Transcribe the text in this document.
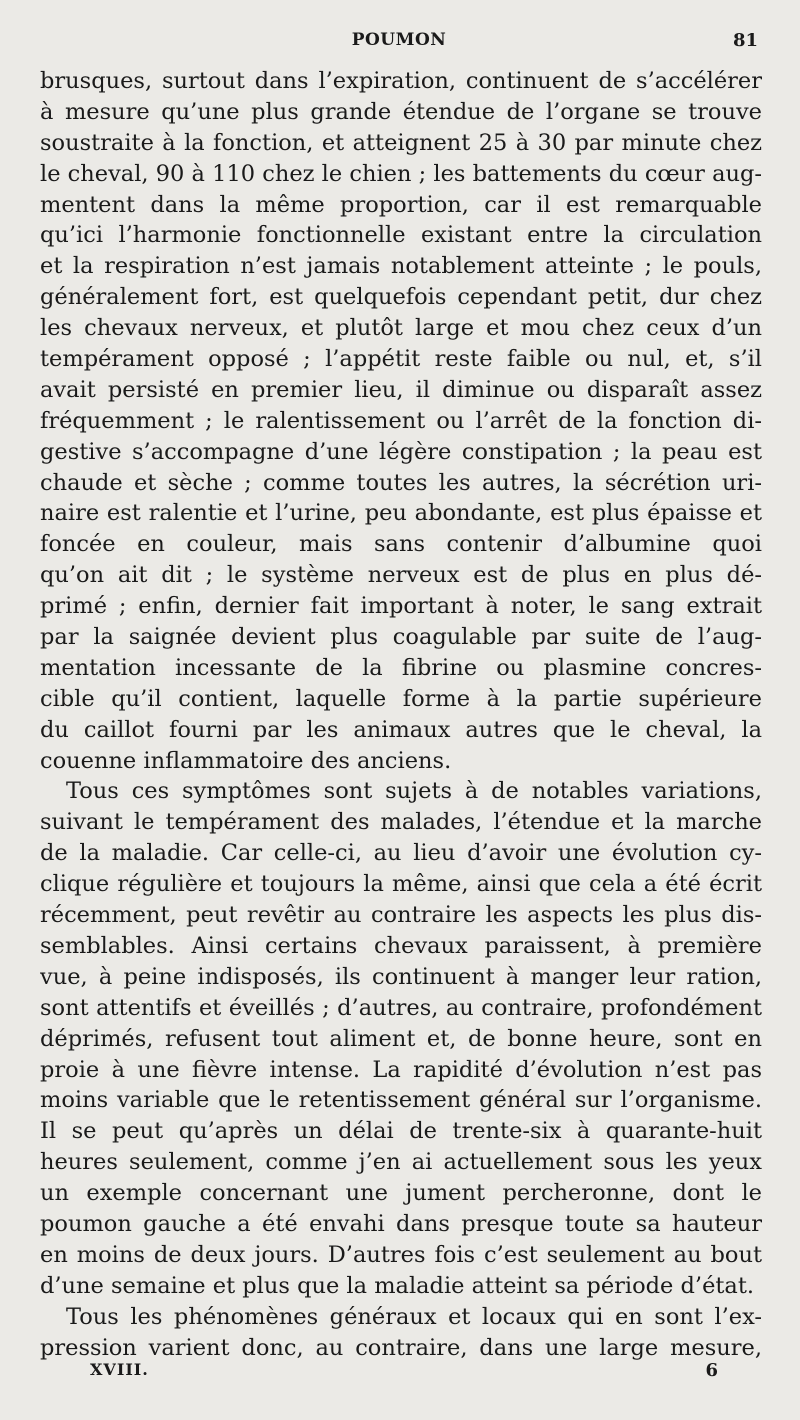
POUMON	81
brusques, surtout dans l’expiration, continuent de s’accélérer
à mesure qu’une plus grande étendue de l’organe se trouve
soustraite à la fonction, et atteignent 25 à 30 par minute chez
le cheval, 90 à 110 chez le chien ; les battements du cœur aug-
mentent dans la même proportion, car il est remarquable
qu’ici l’harmonie fonctionnelle existant entre la circulation
et la respiration n’est jamais notablement atteinte ; le pouls,
généralement fort, est quelquefois cependant petit, dur chez
les chevaux nerveux, et plutôt large et mou chez ceux d’un
tempérament opposé ; l’appétit reste faible ou nul, et, s’il
avait persisté en premier lieu, il diminue ou disparaît assez
fréquemment ; le ralentissement ou l’arrêt de la fonction di-
gestive s’accompagne d’une légère constipation ; la peau est
chaude et sèche ; comme toutes les autres, la sécrétion uri-
naire est ralentie et l’urine, peu abondante, est plus épaisse et
foncée en couleur, mais sans contenir d’albumine quoi
qu’on ait dit ; le système nerveux est de plus en plus dé-
primé ; enfin, dernier fait important à noter, le sang extrait
par la saignée devient plus coagulable par suite de l’aug-
mentation incessante de la fibrine ou plasmine concres-
cible qu’il contient, laquelle forme à la partie supérieure
du caillot fourni par les animaux autres que le cheval, la
couenne inflammatoire des anciens.
Tous ces symptômes sont sujets à de notables variations,
suivant le tempérament des malades, l’étendue et la marche
de la maladie. Car celle-ci, au lieu d’avoir une évolution cy-
clique régulière et toujours la même, ainsi que cela a été écrit
récemment, peut revêtir au contraire les aspects les plus dis-
semblables. Ainsi certains chevaux paraissent, à première
vue, à peine indisposés, ils continuent à manger leur ration,
sont attentifs et éveillés ; d’autres, au contraire, profondément
déprimés, refusent tout aliment et, de bonne heure, sont en
proie à une fièvre intense. La rapidité d’évolution n’est pas
moins variable que le retentissement général sur l’organisme.
Il se peut qu’après un délai de trente-six à quarante-huit
heures seulement, comme j’en ai actuellement sous les yeux
un exemple concernant une jument percheronne, dont le
poumon gauche a été envahi dans presque toute sa hauteur
en moins de deux jours. D’autres fois c’est seulement au bout
d’une semaine et plus que la maladie atteint sa période d’état.
Tous les phénomènes généraux et locaux qui en sont l’ex-
pression varient donc, au contraire, dans une large mesure,
XVIII.	6
